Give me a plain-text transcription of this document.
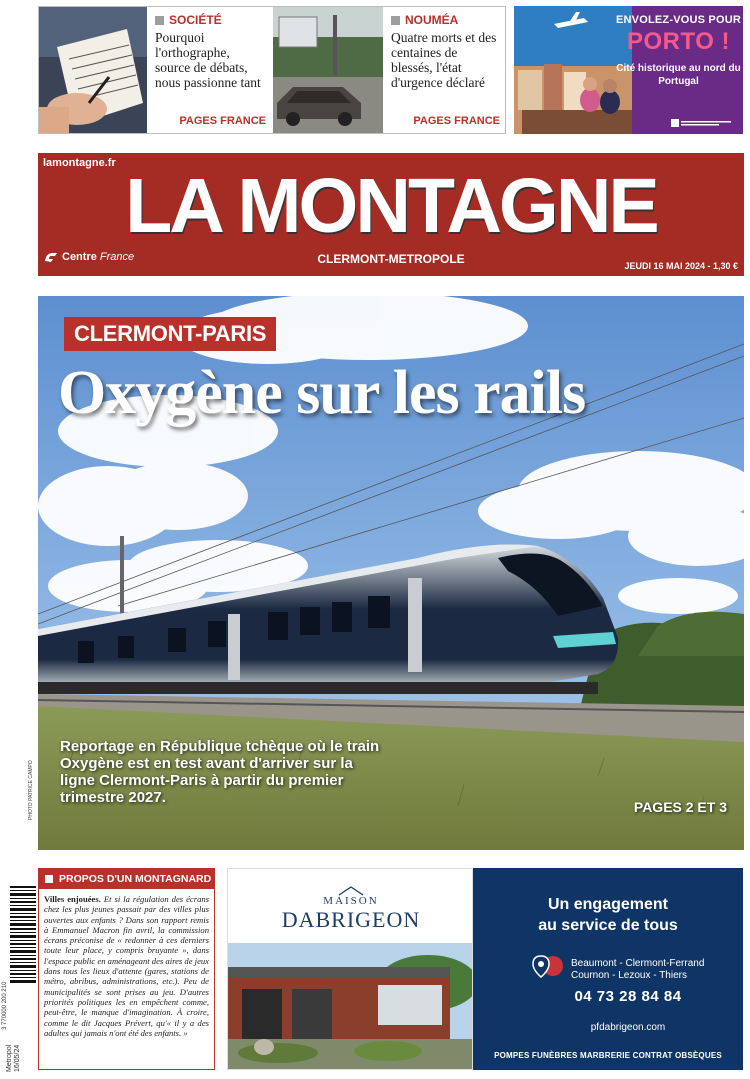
SOCIÉTÉ
Pourquoi l'orthographe, source de débats, nous passionne tant
PAGES FRANCE
NOUMÉA
Quatre morts et des centaines de blessés, l'état d'urgence déclaré
PAGES FRANCE
ENVOLEZ-VOUS POUR
PORTO !
Cité historique au nord du Portugal
lamontagne.fr LA MONTAGNE
Centre France	CLERMONT-METROPOLE	JEUDI 16 MAI 2024 - 1,30 €
CLERMONT-PARIS
Oxygène sur les rails
Reportage en République tchèque où le train Oxygène est en test avant d'arriver sur la ligne Clermont-Paris à partir du premier trimestre 2027.
PAGES 2 ET 3
PHOTO PATRICE CAMPO
3 770000 200 210
Metropol 16/05/24
PROPOS D'UN MONTAGNARD
Villes enjouées. Et si la régulation des écrans chez les plus jeunes passait par des villes plus ouvertes aux enfants ? Dans son rapport remis à Emmanuel Macron fin avril, la commission écrans préconise de « redonner à ces derniers toute leur place, y compris bruyante », dans l'espace public en aménageant des aires de jeux dans tous les lieux d'attente (gares, stations de métro, abribus, administrations, etc.). Peu de municipalités se sont prises au jeu. D'autres priorités politiques les en empêchent comme, peut-être, le manque d'imagination. À croire, comme le dit Jacques Prévert, qu'« il y a des adultes qui jamais n'ont été des enfants. »
MAISON
DABRIGEON
Un engagement
au service de tous
Beaumont - Clermont-Ferrand
Cournon - Lezoux - Thiers
04 73 28 84 84
pfdabrigeon.com
POMPES FUNÈBRES MARBRERIE CONTRAT OBSÈQUES
